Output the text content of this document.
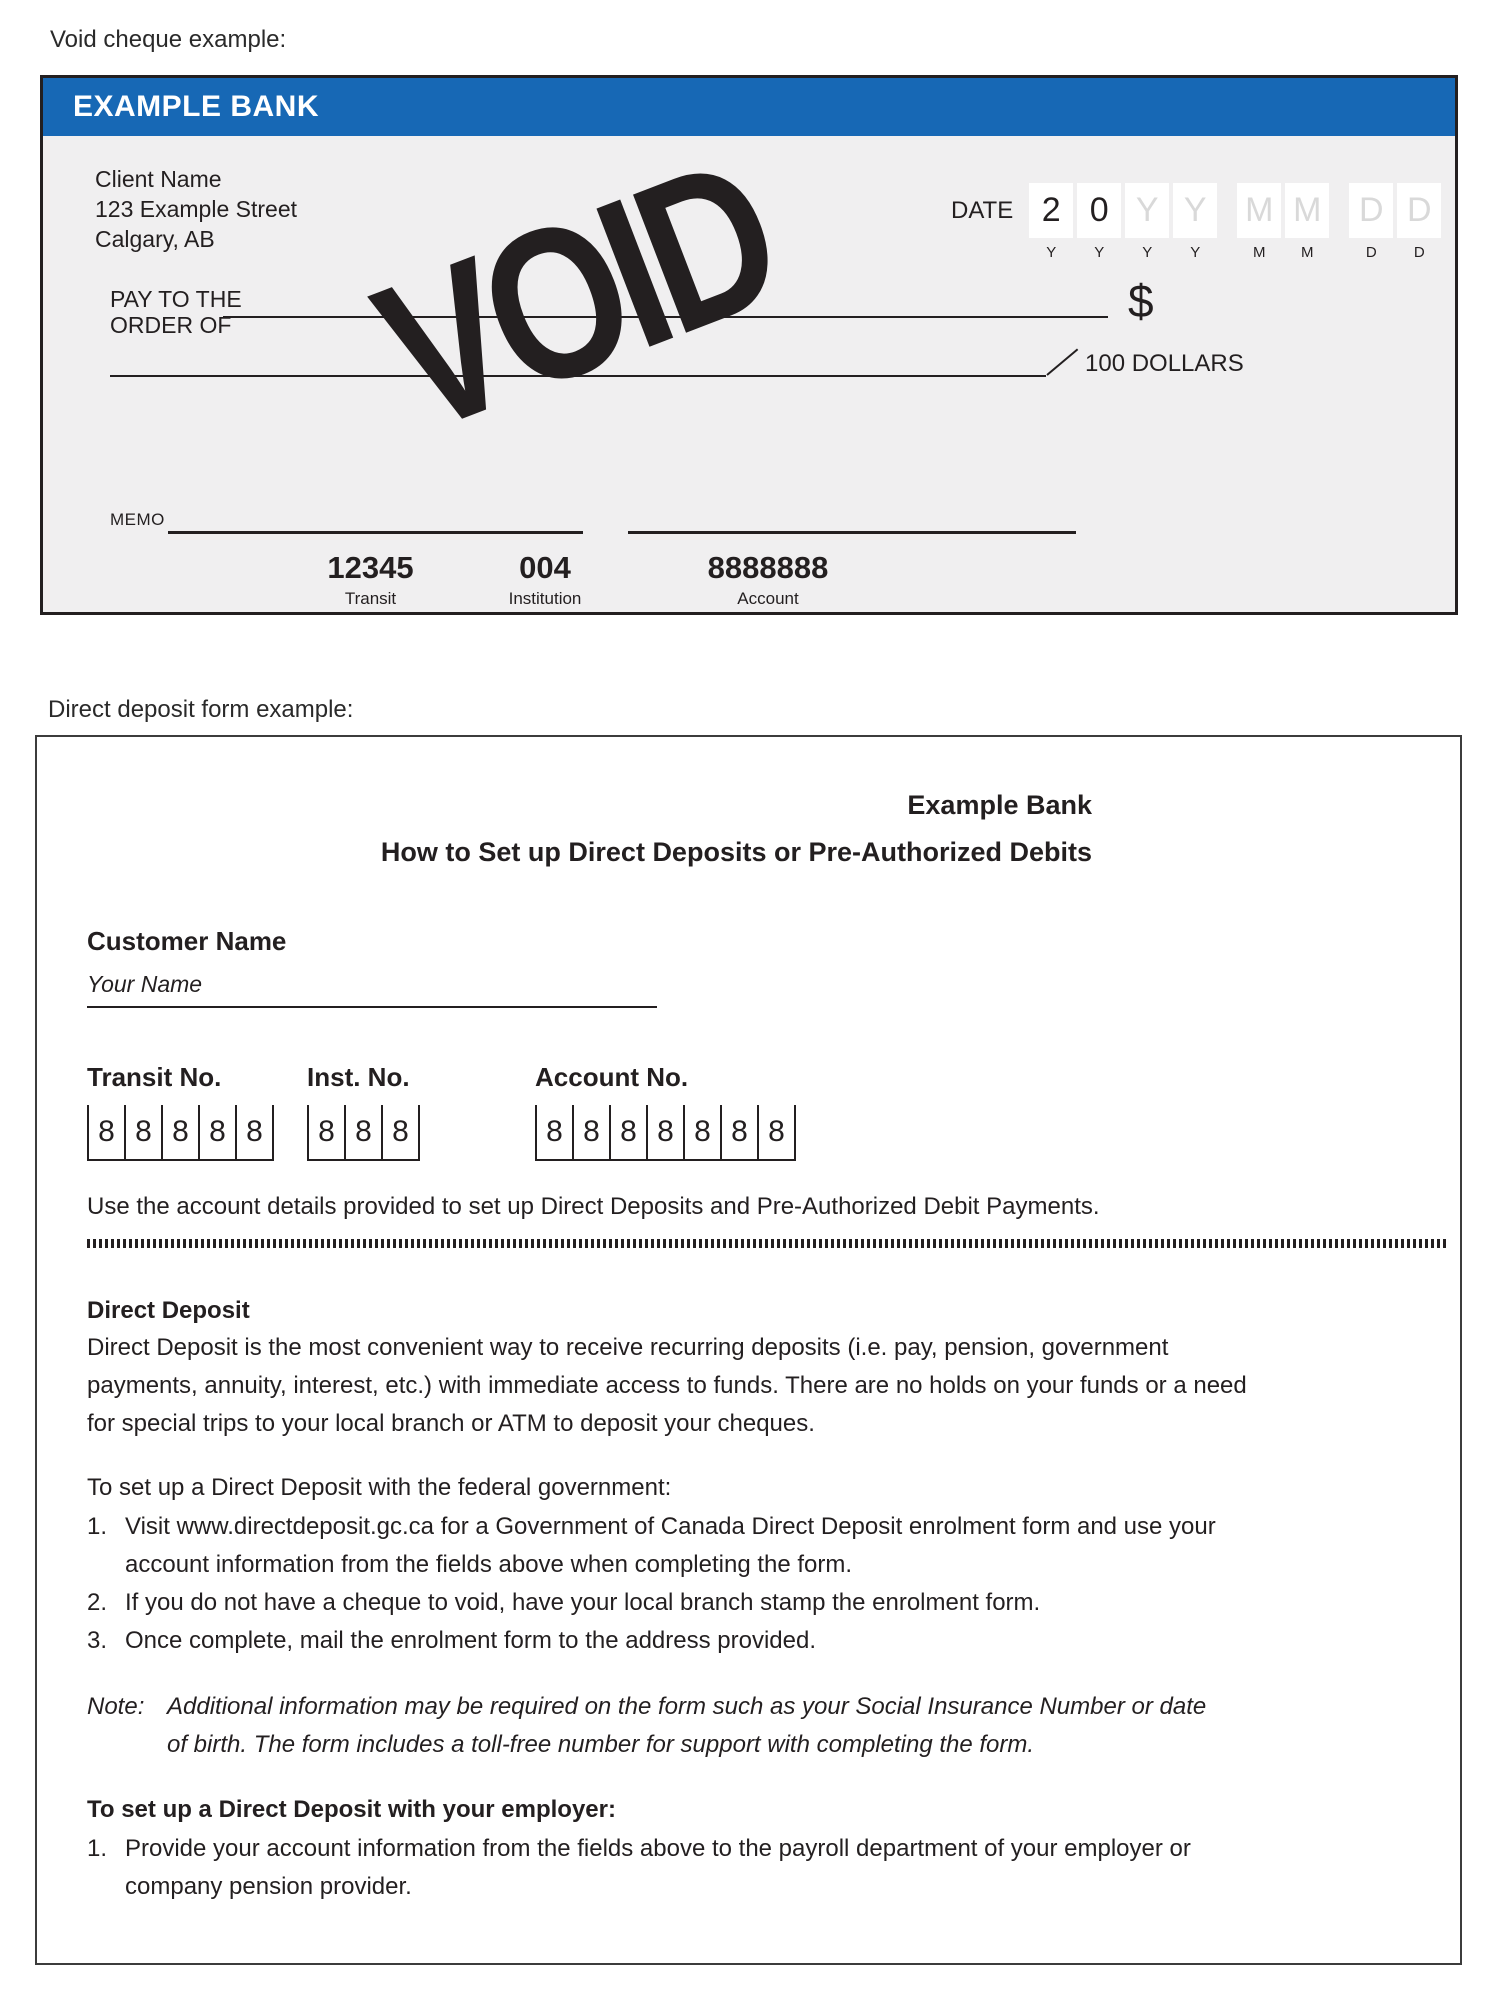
Void cheque example:
EXAMPLE BANK
Client Name
123 Example Street
Calgary, AB
DATE 2
Y
0
Y
Y
Y
Y
Y
M
M
M
M
D
D
D
D
PAY TO THE
ORDER OF	$
100 DOLLARS
VOID
MEMO
12345
Transit
004
Institution
8888888
Account
Direct deposit form example:
Example Bank
How to Set up Direct Deposits or Pre-Authorized Debits
Customer Name
Your Name
Transit No.
8 8 8 8 8
Inst. No.
8 8 8
Account No.
8 8 8 8 8 8 8
Use the account details provided to set up Direct Deposits and Pre-Authorized Debit Payments.
Direct Deposit
Direct Deposit is the most convenient way to receive recurring deposits (i.e. pay, pension, government
payments, annuity, interest, etc.) with immediate access to funds. There are no holds on your funds or a need
for special trips to your local branch or ATM to deposit your cheques.
To set up a Direct Deposit with the federal government:
1. Visit www.directdeposit.gc.ca for a Government of Canada Direct Deposit enrolment form and use your
account information from the fields above when completing the form.
2. If you do not have a cheque to void, have your local branch stamp the enrolment form.
3. Once complete, mail the enrolment form to the address provided.
Note: Additional information may be required on the form such as your Social Insurance Number or date
of birth. The form includes a toll-free number for support with completing the form.
To set up a Direct Deposit with your employer:
1. Provide your account information from the fields above to the payroll department of your employer or
company pension provider.
